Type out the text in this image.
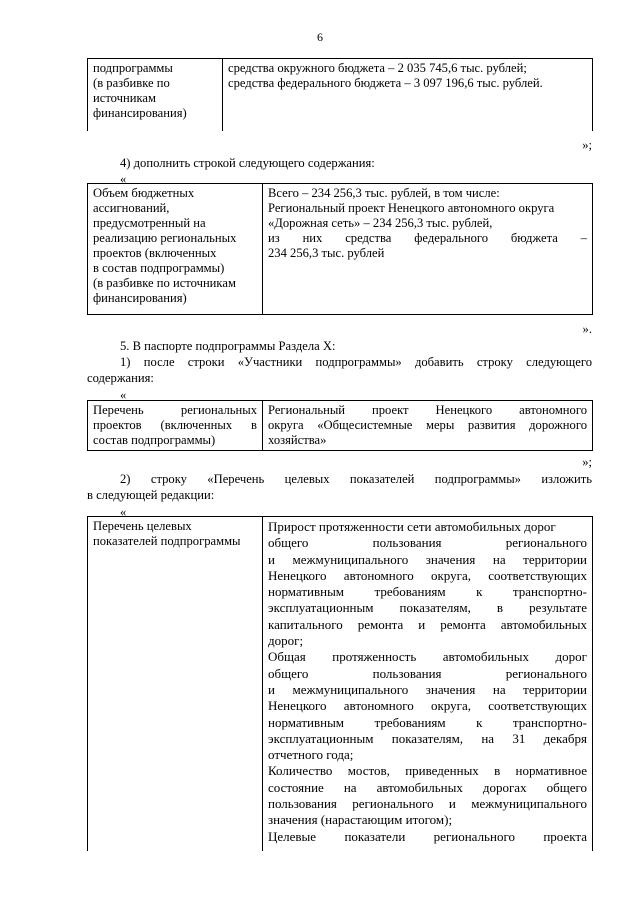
6
подпрограммы
(в разбивке по
источникам
финансирования)

средства окружного бюджета – 2 035 745,6 тыс. рублей;
средства федерального бюджета – 3 097 196,6 тыс. рублей.
»;
4) дополнить строкой следующего содержания:
«
Объем бюджетных
ассигнований,
предусмотренный на
реализацию региональных
проектов (включенных
в состав подпрограммы)
(в разбивке по источникам
финансирования)

Всего – 234 256,3 тыс. рублей, в том числе:
Региональный проект Ненецкого автономного округа
«Дорожная сеть» – 234 256,3 тыс. рублей,
из них средства федерального бюджета –
234 256,3 тыс. рублей
».
5. В паспорте подпрограммы Раздела X:
1) после строки «Участники подпрограммы» добавить строку следующего
содержания:
«
Перечень региональных
проектов (включенных в
состав подпрограммы)

Региональный проект Ненецкого автономного
округа «Общесистемные меры развития дорожного
хозяйства»
»;
2) строку «Перечень целевых показателей подпрограммы» изложить
в следующей редакции:
«
Перечень целевых
показателей подпрограммы

Прирост протяженности сети автомобильных дорог
общего пользования регионального
и межмуниципального значения на территории
Ненецкого автономного округа, соответствующих
нормативным требованиям к транспортно-
эксплуатационным показателям, в результате
капитального ремонта и ремонта автомобильных
дорог;
Общая протяженность автомобильных дорог
общего пользования регионального
и межмуниципального значения на территории
Ненецкого автономного округа, соответствующих
нормативным требованиям к транспортно-
эксплуатационным показателям, на 31 декабря
отчетного года;
Количество мостов, приведенных в нормативное
состояние на автомобильных дорогах общего
пользования регионального и межмуниципального
значения (нарастающим итогом);
Целевые показатели регионального проекта
